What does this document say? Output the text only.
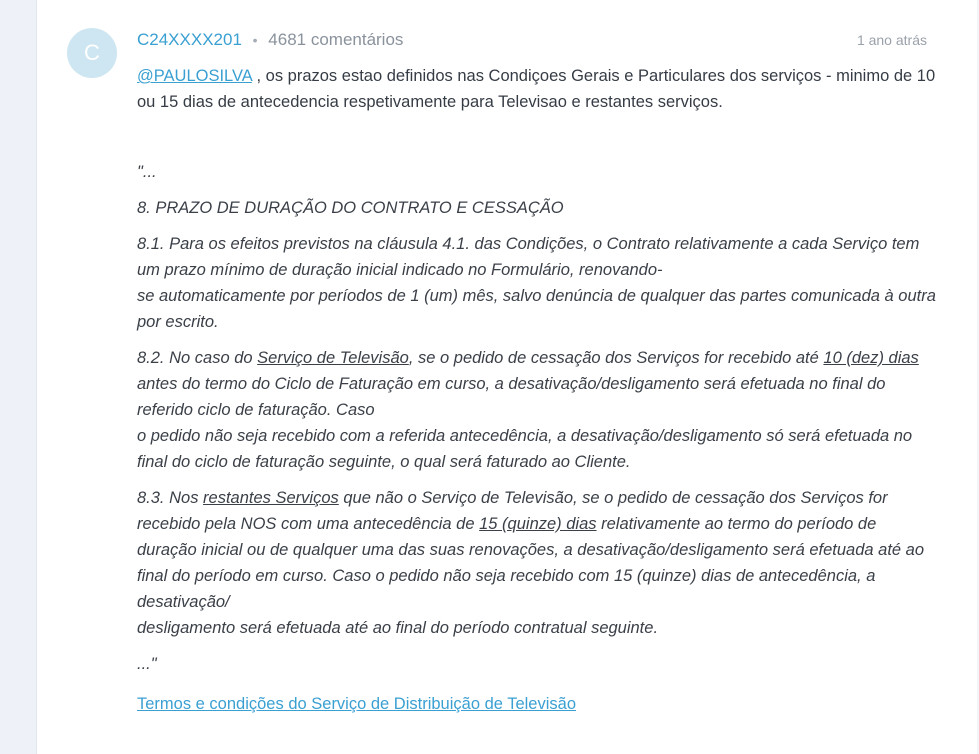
C
C24XXXX201 • 4681 comentários	1 ano atrás

@PAULOSILVA , os prazos estao definidos nas Condiçoes Gerais e Particulares dos serviços - minimo de 10 ou 15 dias de antecedencia respetivamente para Televisao e restantes serviços.

"...

8. PRAZO DE DURAÇÃO DO CONTRATO E CESSAÇÃO

8.1. Para os efeitos previstos na cláusula 4.1. das Condições, o Contrato relativamente a cada Serviço tem um prazo mínimo de duração inicial indicado no Formulário, renovando-
se automaticamente por períodos de 1 (um) mês, salvo denúncia de qualquer das partes comunicada à outra por escrito.

8.2. No caso do Serviço de Televisão, se o pedido de cessação dos Serviços for recebido até 10 (dez) dias antes do termo do Ciclo de Faturação em curso, a desativação/desligamento será efetuada no final do referido ciclo de faturação. Caso
o pedido não seja recebido com a referida antecedência, a desativação/desligamento só será efetuada no final do ciclo de faturação seguinte, o qual será faturado ao Cliente.

8.3. Nos restantes Serviços que não o Serviço de Televisão, se o pedido de cessação dos Serviços for recebido pela NOS com uma antecedência de 15 (quinze) dias relativamente ao termo do período de duração inicial ou de qualquer uma das suas renovações, a desativação/desligamento será efetuada até ao final do período em curso. Caso o pedido não seja recebido com 15 (quinze) dias de antecedência, a desativação/
desligamento será efetuada até ao final do período contratual seguinte.

..."

Termos e condições do Serviço de Distribuição de Televisão
